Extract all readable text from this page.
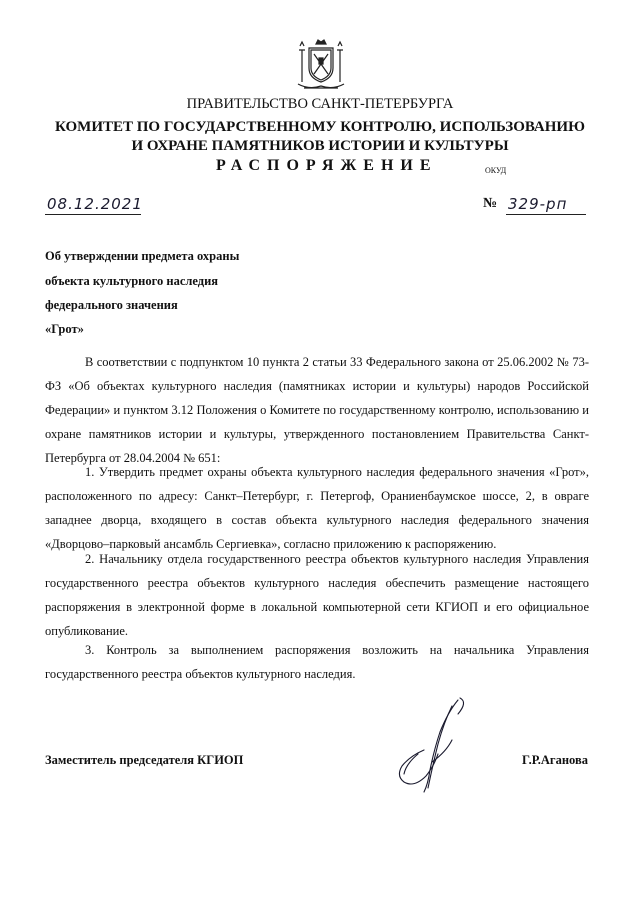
ПРАВИТЕЛЬСТВО САНКТ-ПЕТЕРБУРГА
КОМИТЕТ ПО ГОСУДАРСТВЕННОМУ КОНТРОЛЮ, ИСПОЛЬЗОВАНИЮ
И ОХРАНЕ ПАМЯТНИКОВ ИСТОРИИ И КУЛЬТУРЫ
РАСПОРЯЖЕНИЕ	ОКУД
08.12.2021	№ 329-рп
Об утверждении предмета охраны
объекта культурного наследия
федерального значения
«Грот»

В соответствии с подпунктом 10 пункта 2 статьи 33 Федерального закона от 25.06.2002 № 73-ФЗ «Об объектах культурного наследия (памятниках истории и культуры) народов Российской Федерации» и пунктом 3.12 Положения о Комитете по государственному контролю, использованию и охране памятников истории и культуры, утвержденного постановлением Правительства Санкт-Петербурга от 28.04.2004 № 651:

1. Утвердить предмет охраны объекта культурного наследия федерального значения «Грот», расположенного по адресу: Санкт–Петербург, г. Петергоф, Ораниенбаумское шоссе, 2, в овраге западнее дворца, входящего в состав объекта культурного наследия федерального значения «Дворцово–парковый ансамбль Сергиевка», согласно приложению к распоряжению.

2. Начальнику отдела государственного реестра объектов культурного наследия Управления государственного реестра объектов культурного наследия обеспечить размещение настоящего распоряжения в электронной форме в локальной компьютерной сети КГИОП и его официальное опубликование.

3. Контроль за выполнением распоряжения возложить на начальника Управления государственного реестра объектов культурного наследия.

Заместитель председателя КГИОП	Г.Р.Аганова
